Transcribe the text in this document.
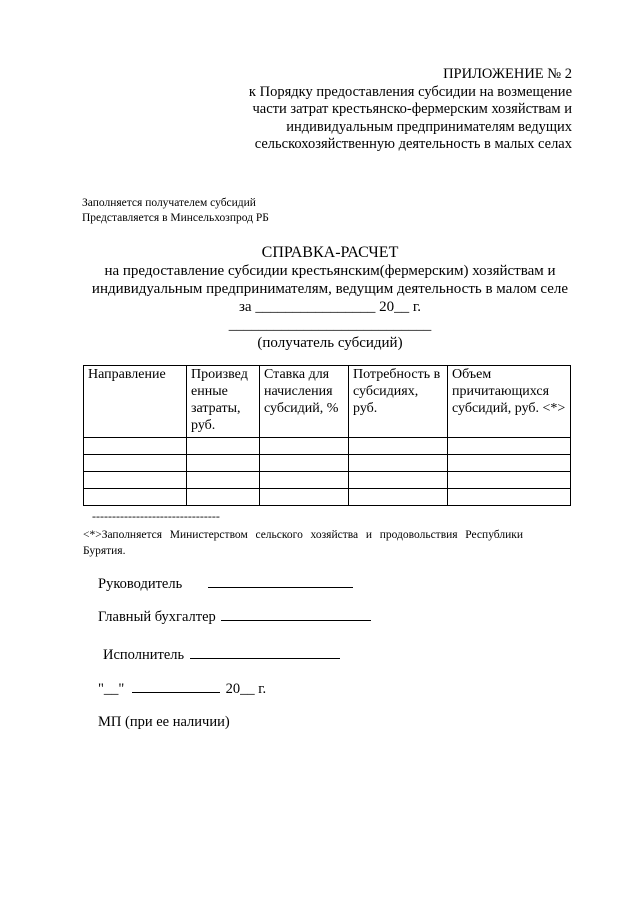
ПРИЛОЖЕНИЕ № 2
к Порядку предоставления субсидии на возмещение
части затрат крестьянско-фермерским хозяйствам и
индивидуальным предпринимателям ведущих
сельскохозяйственную деятельность в малых селах
Заполняется получателем субсидий
Представляется в Минсельхозпрод РБ
СПРАВКА-РАСЧЕТ
на предоставление субсидии крестьянским(фермерским) хозяйствам и
индивидуальным предпринимателям, ведущим деятельность в малом селе
за ________________ 20__ г.
___________________________
(получатель субсидий)
Направление	Произвед енные затраты, руб.	Ставка для начисления субсидий, %	Потребность в субсидиях, руб.	Объем причитающихся субсидий, руб. <*>

--------------------------------
<*>Заполняется Министерством сельского хозяйства и продовольствия Республики Бурятия.
Руководитель
Главный бухгалтер
Исполнитель
"__"	20__ г.
МП (при ее наличии)
